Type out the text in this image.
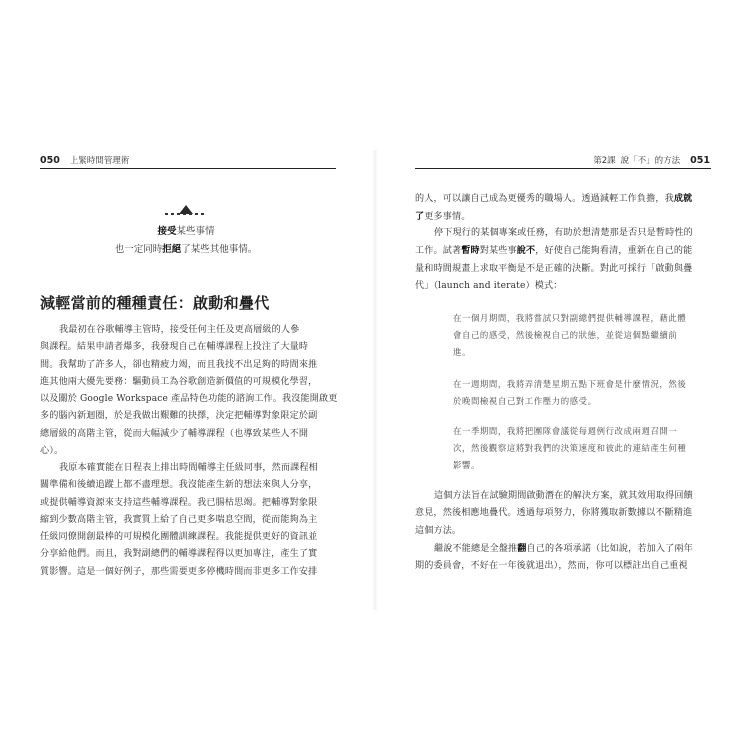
050 上緊時間管理術
接受某些事情
也一定同時拒絕了某些其他事情。
減輕當前的種種責任：啟動和疊代
我最初在谷歌輔導主管時，接受任何主任及更高層級的人參
與課程。結果申請者爆多，我發現自己在輔導課程上投注了大量時
間。我幫助了許多人，卻也精疲力竭，而且我找不出足夠的時間來推
進其他兩大優先要務：驅動員工為谷歌創造新價值的可規模化學習，
以及關於 Google Workspace 產品特色功能的諮詢工作。我沒能開啟更
多的腦內新迴圈，於是我做出艱難的抉擇，決定把輔導對象限定於副
總層級的高階主管，從而大幅減少了輔導課程（也導致某些人不開
心）。
我原本確實能在日程表上排出時間輔導主任級同事，然而課程相
關準備和後續追蹤上都不盡理想。我沒能產生新的想法來與人分享，
或提供輔導資源來支持這些輔導課程。我已腸枯思竭。把輔導對象限
縮到少數高階主管，我實質上給了自己更多喘息空間，從而能夠為主
任級同僚開創最棒的可規模化團體訓練課程。我能提供更好的資訊並
分享給他們。而且，我對副總們的輔導課程得以更加專注，產生了實
質影響。這是一個好例子，那些需要更多停機時間而非更多工作安排
第2課 說「不」的方法 051
的人，可以讓自己成為更優秀的職場人。透過減輕工作負擔，我成就
了更多事情。
停下現行的某個專案或任務，有助於想清楚那是否只是暫時性的
工作。試著暫時對某些事說不，好使自己能夠看清，重新在自己的能
量和時間規畫上求取平衡是不是正確的決斷。對此可採行「啟動與疊
代」（launch and iterate）模式：
在一個月期間，我將嘗試只對副總們提供輔導課程，藉此體
會自己的感受，然後檢視自己的狀態，並從這個點繼續前
進。
在一週期間，我將弄清楚星期五點下班會是什麼情況，然後
於晚間檢視自己對工作壓力的感受。
在一季期間，我將把團隊會議從每週例行改成兩週召開一
次，然後觀察這將對我們的決策速度和彼此的連結產生何種
影響。
這個方法旨在試驗期間啟動潛在的解決方案，就其效用取得回饋
意見，然後相應地疊代。透過每項努力，你將獲取新數據以不斷精進
這個方法。
繼說不能總是全盤推翻自己的各項承諾（比如說，若加入了兩年
期的委員會，不好在一年後就退出），然而，你可以標註出自己重視
